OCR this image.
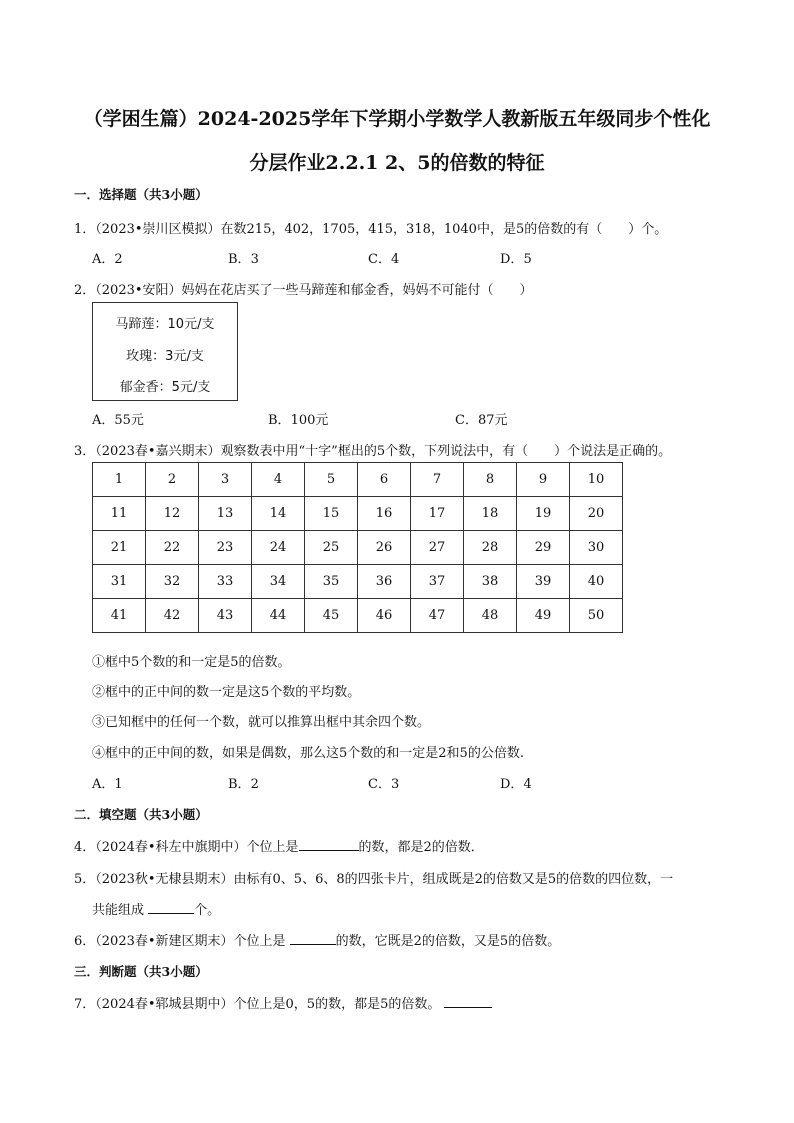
（学困生篇）2024-2025学年下学期小学数学人教新版五年级同步个性化
分层作业2.2.1 2、5的倍数的特征
一．选择题（共3小题）
1．（2023•崇川区模拟）在数215，402，1705，415，318，1040中，是5的倍数的有（　　）个。
A．2	B．3	C．4	D．5
2．（2023•安阳）妈妈在花店买了一些马蹄莲和郁金香，妈妈不可能付（　　）
马蹄莲：10元/支
玫瑰：3元/支
郁金香：5元/支
A．55元	B．100元	C．87元
3．（2023春•嘉兴期末）观察数表中用“十字”框出的5个数，下列说法中，有（　　）个说法是正确的。
1	2	3	4	5	6	7	8	9	10
11	12	13	14	15	16	17	18	19	20
21	22	23	24	25	26	27	28	29	30
31	32	33	34	35	36	37	38	39	40
41	42	43	44	45	46	47	48	49	50
①框中5个数的和一定是5的倍数。
②框中的正中间的数一定是这5个数的平均数。
③已知框中的任何一个数，就可以推算出框中其余四个数。
④框中的正中间的数，如果是偶数，那么这5个数的和一定是2和5的公倍数.
A．1	B．2	C．3	D．4
二．填空题（共3小题）
4．（2024春•科左中旗期中）个位上是	的数，都是2的倍数．
5．（2023秋•无棣县期末）由标有0、5、6、8的四张卡片，组成既是2的倍数又是5的倍数的四位数，一
共能组成	个。
6．（2023春•新建区期末）个位上是	的数，它既是2的倍数，又是5的倍数。
三．判断题（共3小题）
7．（2024春•郓城县期中）个位上是0，5的数，都是5的倍数。
